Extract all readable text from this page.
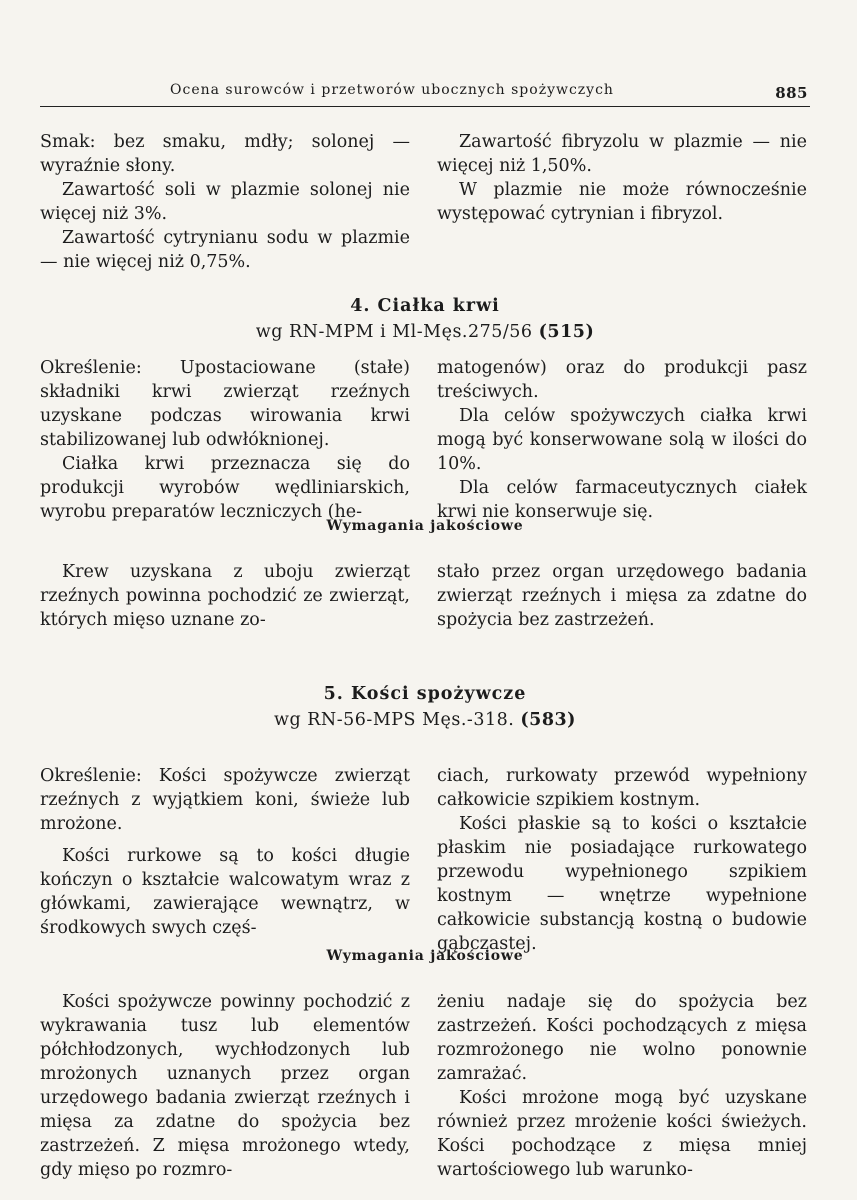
Ocena surowców i przetworów ubocznych spożywczych	885

Smak: bez smaku, mdły; solonej — wyraźnie słony.

Zawartość soli w plazmie solonej nie więcej niż 3%.

Zawartość cytrynianu sodu w plazmie — nie więcej niż 0,75%.

Zawartość fibryzolu w plazmie — nie więcej niż 1,50%.

W plazmie nie może równocześnie występować cytrynian i fibryzol.

4. Ciałka krwi
wg RN-MPM i Ml-Męs.275/56 (515)

Określenie: Upostaciowane (stałe) składniki krwi zwierząt rzeźnych uzyskane podczas wirowania krwi stabilizowanej lub odwłóknionej.

Ciałka krwi przeznacza się do produkcji wyrobów wędliniarskich, wyrobu preparatów leczniczych (he-

matogenów) oraz do produkcji pasz treściwych.

Dla celów spożywczych ciałka krwi mogą być konserwowane solą w ilości do 10%.

Dla celów farmaceutycznych ciałek krwi nie konserwuje się.

Wymagania jakościowe

Krew uzyskana z uboju zwierząt rzeźnych powinna pochodzić ze zwierząt, których mięso uznane zo-

stało przez organ urzędowego badania zwierząt rzeźnych i mięsa za zdatne do spożycia bez zastrzeżeń.

5. Kości spożywcze
wg RN-56-MPS Męs.-318. (583)

Określenie: Kości spożywcze zwierząt rzeźnych z wyjątkiem koni, świeże lub mrożone.

Kości rurkowe są to kości długie kończyn o kształcie walcowatym wraz z główkami, zawierające wewnątrz, w środkowych swych częś-

ciach, rurkowaty przewód wypełniony całkowicie szpikiem kostnym.

Kości płaskie są to kości o kształcie płaskim nie posiadające rurkowatego przewodu wypełnionego szpikiem kostnym — wnętrze wypełnione całkowicie substancją kostną o budowie gąbczastej.

Wymagania jakościowe

Kości spożywcze powinny pochodzić z wykrawania tusz lub elementów półchłodzonych, wychłodzonych lub mrożonych uznanych przez organ urzędowego badania zwierząt rzeźnych i mięsa za zdatne do spożycia bez zastrzeżeń. Z mięsa mrożonego wtedy, gdy mięso po rozmro-

żeniu nadaje się do spożycia bez zastrzeżeń. Kości pochodzących z mięsa rozmrożonego nie wolno ponownie zamrażać.

Kości mrożone mogą być uzyskane również przez mrożenie kości świeżych. Kości pochodzące z mięsa mniej wartościowego lub warunko-
